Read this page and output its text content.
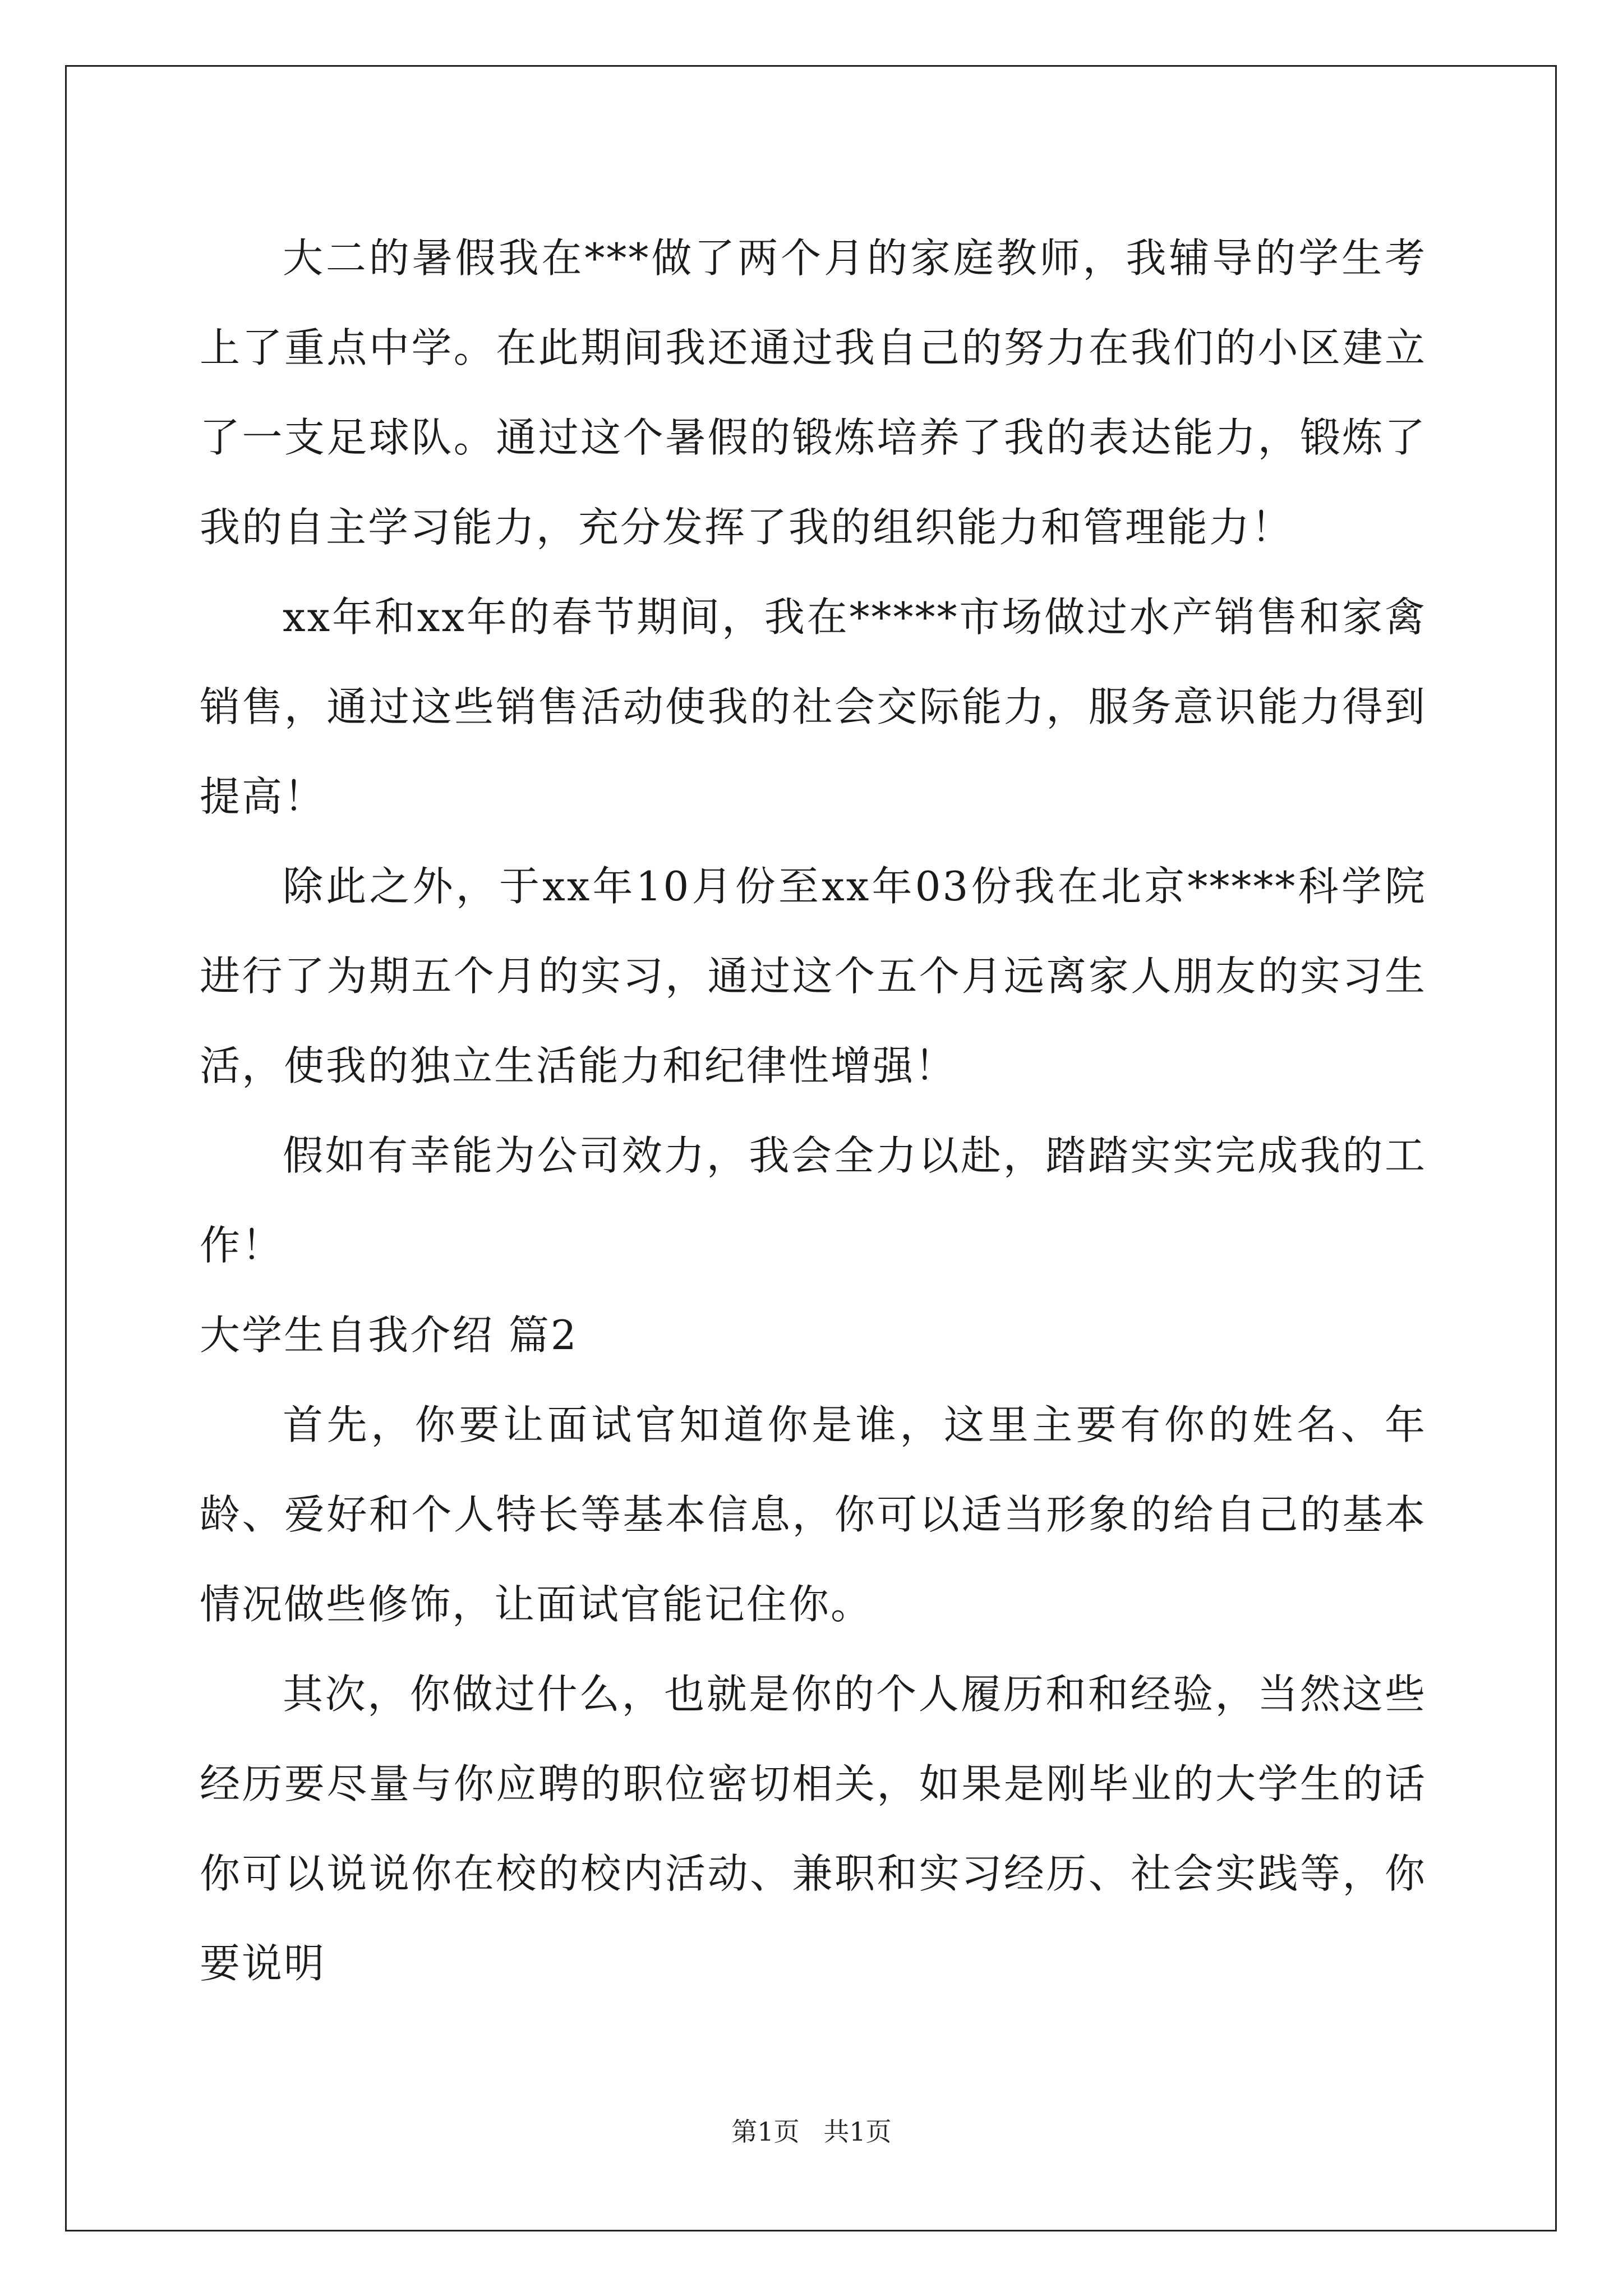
大二的暑假我在***做了两个月的家庭教师，我辅导的学生考上了重点中学。在此期间我还通过我自己的努力在我们的小区建立了一支足球队。通过这个暑假的锻炼培养了我的表达能力，锻炼了我的自主学习能力，充分发挥了我的组织能力和管理能力！

xx年和xx年的春节期间，我在*****市场做过水产销售和家禽销售，通过这些销售活动使我的社会交际能力，服务意识能力得到提高！

除此之外，于xx年10月份至xx年03份我在北京*****科学院进行了为期五个月的实习，通过这个五个月远离家人朋友的实习生活，使我的独立生活能力和纪律性增强！

假如有幸能为公司效力，我会全力以赴，踏踏实实完成我的工作！

大学生自我介绍 篇2

首先，你要让面试官知道你是谁，这里主要有你的姓名、年龄、爱好和个人特长等基本信息，你可以适当形象的给自己的基本情况做些修饰，让面试官能记住你。

其次，你做过什么，也就是你的个人履历和和经验，当然这些经历要尽量与你应聘的职位密切相关，如果是刚毕业的大学生的话你可以说说你在校的校内活动、兼职和实习经历、社会实践等，你要说明

第1页 共1页
